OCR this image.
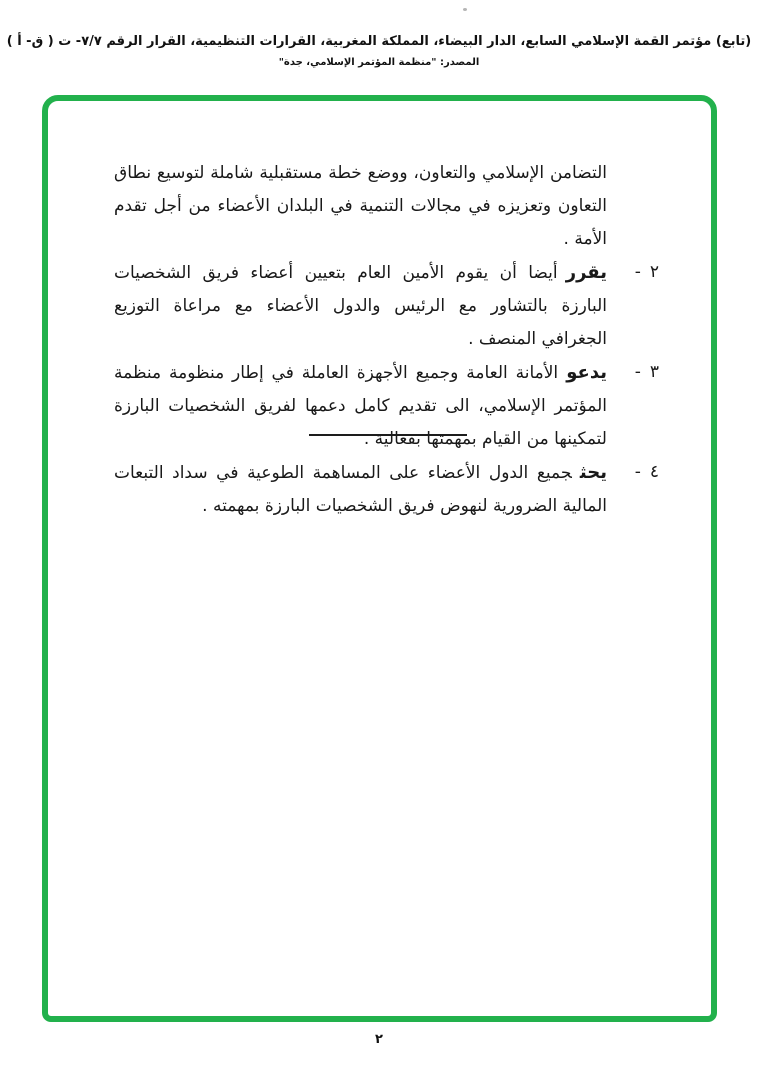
(تابع) مؤتمر القمة الإسلامي السابع، الدار البيضاء، المملكة المغربية، القرارات التنظيمية، القرار الرقم ٧/٧- ت ( ق- أ )
المصدر: "منظمة المؤتمر الإسلامي، جدة"

التضامن الإسلامي والتعاون، ووضع خطة مستقبلية شاملة لتوسيع نطاق التعاون وتعزيزه في مجالات التنمية في البلدان الأعضاء من أجل تقدم الأمة .

٢
-

يقررأيضا أن يقوم الأمين العام بتعيين أعضاء فريق الشخصيات البارزة بالتشاور مع الرئيس والدول الأعضاء مع مراعاة التوزيع الجغرافي المنصف .

٣
-

يدعوالأمانة العامة وجميع الأجهزة العاملة في إطار منظومة منظمة المؤتمر الإسلامي، الى تقديم كامل دعمها لفريق الشخصيات البارزة لتمكينها من القيام بمهمتها بفعالية .

٤
-

يحثجميع الدول الأعضاء على المساهمة الطوعية في سداد التبعات المالية الضرورية لنهوض فريق الشخصيات البارزة بمهمته .

٢
